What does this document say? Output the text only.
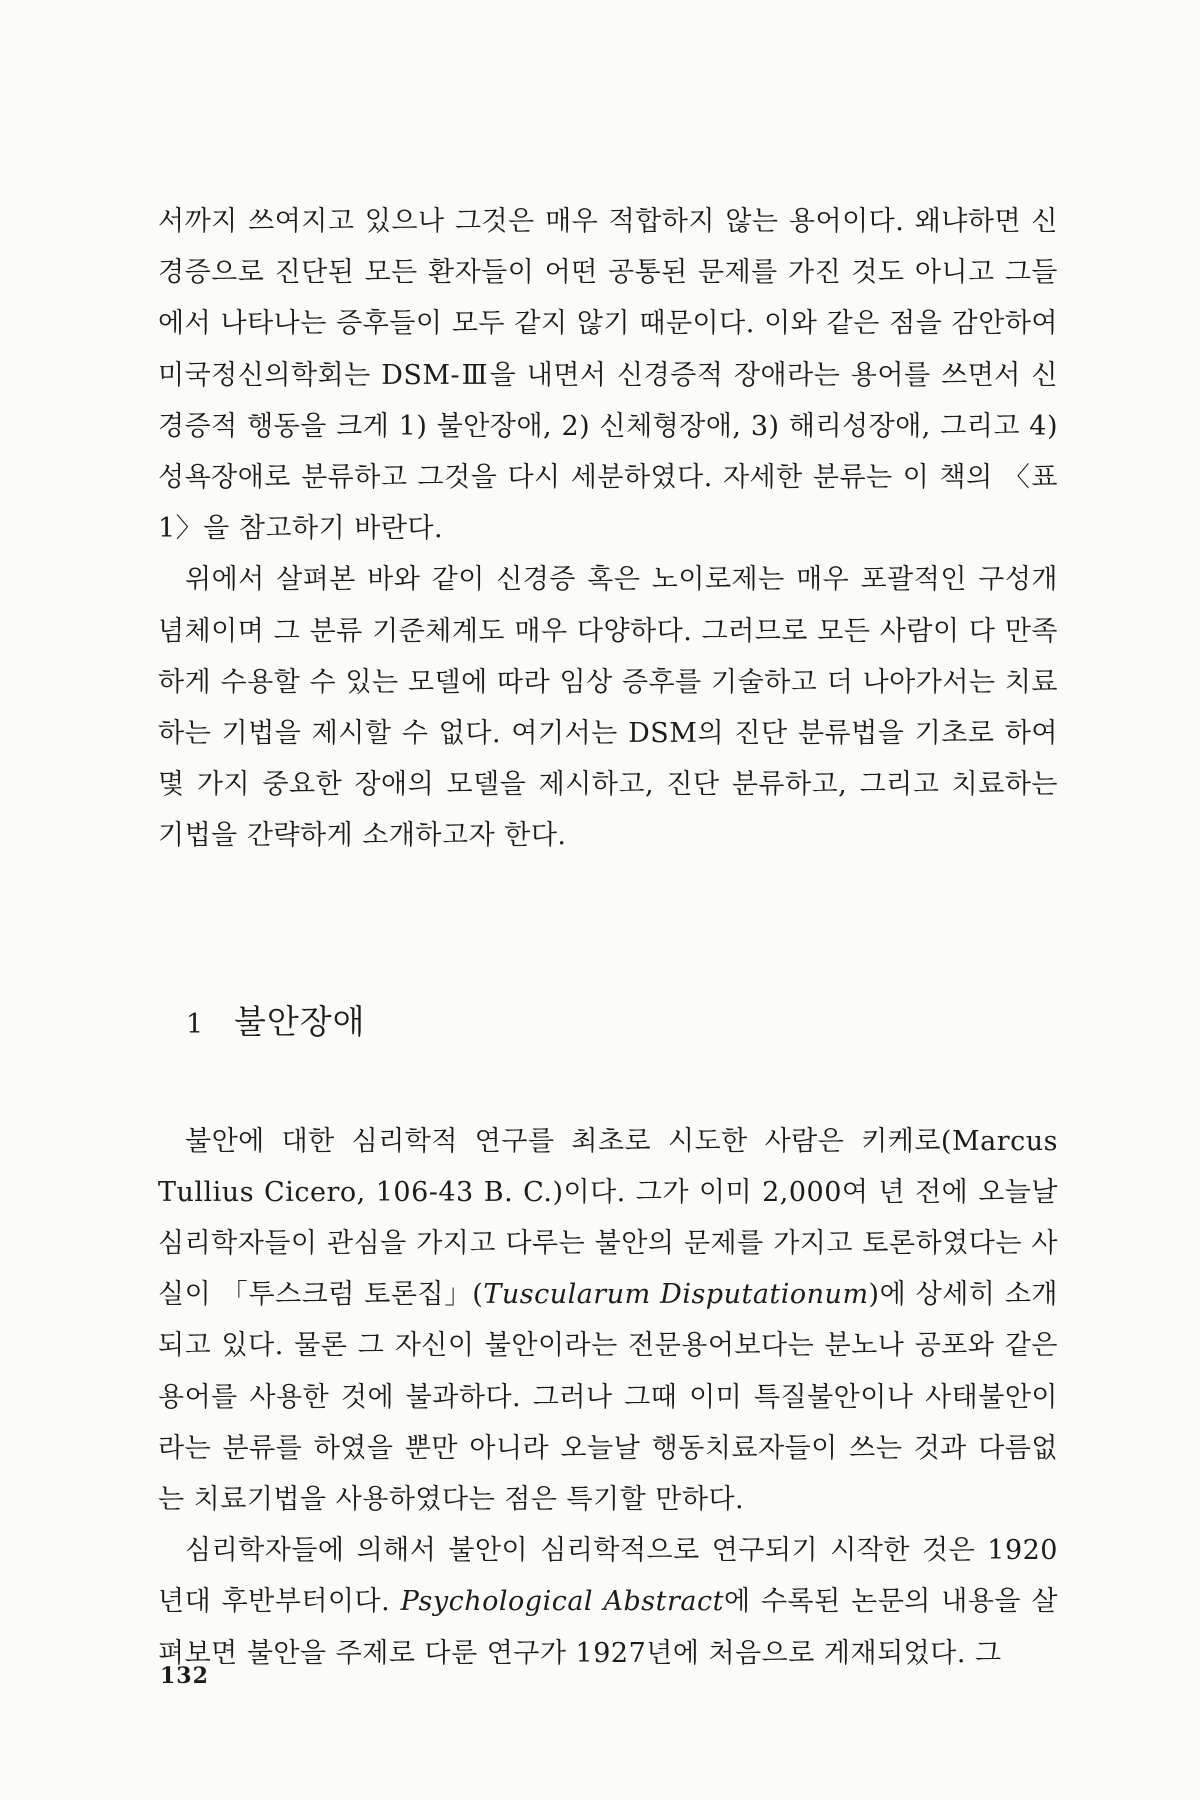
서까지 쓰여지고 있으나 그것은 매우 적합하지 않는 용어이다. 왜냐하면 신경증으로 진단된 모든 환자들이 어떤 공통된 문제를 가진 것도 아니고 그들에서 나타나는 증후들이 모두 같지 않기 때문이다. 이와 같은 점을 감안하여 미국정신의학회는 DSM-Ⅲ을 내면서 신경증적 장애라는 용어를 쓰면서 신경증적 행동을 크게 1) 불안장애, 2) 신체형장애, 3) 해리성장애, 그리고 4) 성욕장애로 분류하고 그것을 다시 세분하였다. 자세한 분류는 이 책의 〈표 1〉을 참고하기 바란다.

위에서 살펴본 바와 같이 신경증 혹은 노이로제는 매우 포괄적인 구성개념체이며 그 분류 기준체계도 매우 다양하다. 그러므로 모든 사람이 다 만족하게 수용할 수 있는 모델에 따라 임상 증후를 기술하고 더 나아가서는 치료하는 기법을 제시할 수 없다. 여기서는 DSM의 진단 분류법을 기초로 하여 몇 가지 중요한 장애의 모델을 제시하고, 진단 분류하고, 그리고 치료하는 기법을 간략하게 소개하고자 한다.

1 불안장애

불안에 대한 심리학적 연구를 최초로 시도한 사람은 키케로(Marcus Tullius Cicero, 106-43 B. C.)이다. 그가 이미 2,000여 년 전에 오늘날 심리학자들이 관심을 가지고 다루는 불안의 문제를 가지고 토론하였다는 사실이 「투스크럼 토론집」(Tuscularum Disputationum)에 상세히 소개되고 있다. 물론 그 자신이 불안이라는 전문용어보다는 분노나 공포와 같은 용어를 사용한 것에 불과하다. 그러나 그때 이미 특질불안이나 사태불안이라는 분류를 하였을 뿐만 아니라 오늘날 행동치료자들이 쓰는 것과 다름없는 치료기법을 사용하였다는 점은 특기할 만하다.

심리학자들에 의해서 불안이 심리학적으로 연구되기 시작한 것은 1920년대 후반부터이다. Psychological Abstract에 수록된 논문의 내용을 살펴보면 불안을 주제로 다룬 연구가 1927년에 처음으로 게재되었다. 그

132
